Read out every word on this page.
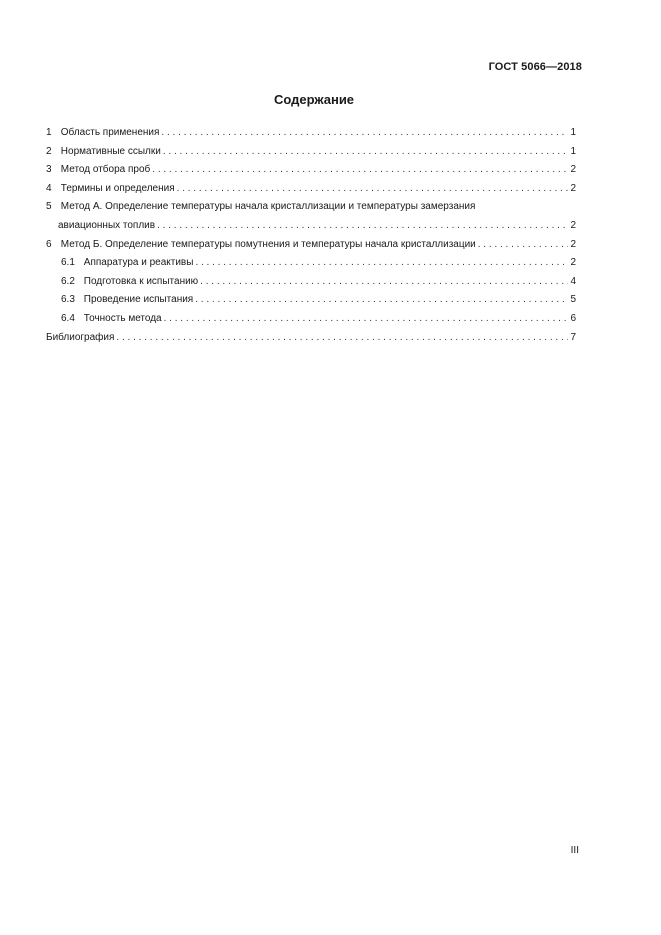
ГОСТ 5066—2018
Содержание
1 Область применения . . .	1
2 Нормативные ссылки . . .	1
3 Метод отбора проб . . .	2
4 Термины и определения . . .	2
5 Метод А. Определение температуры начала кристаллизации и температуры замерзания
авиационных топлив . . .	2
6 Метод Б. Определение температуры помутнения и температуры начала кристаллизации . . .	2
6.1 Аппаратура и реактивы . . .	2
6.2 Подготовка к испытанию . . .	4
6.3 Проведение испытания . . .	5
6.4 Точность метода . . .	6
Библиография . . .	7
III
